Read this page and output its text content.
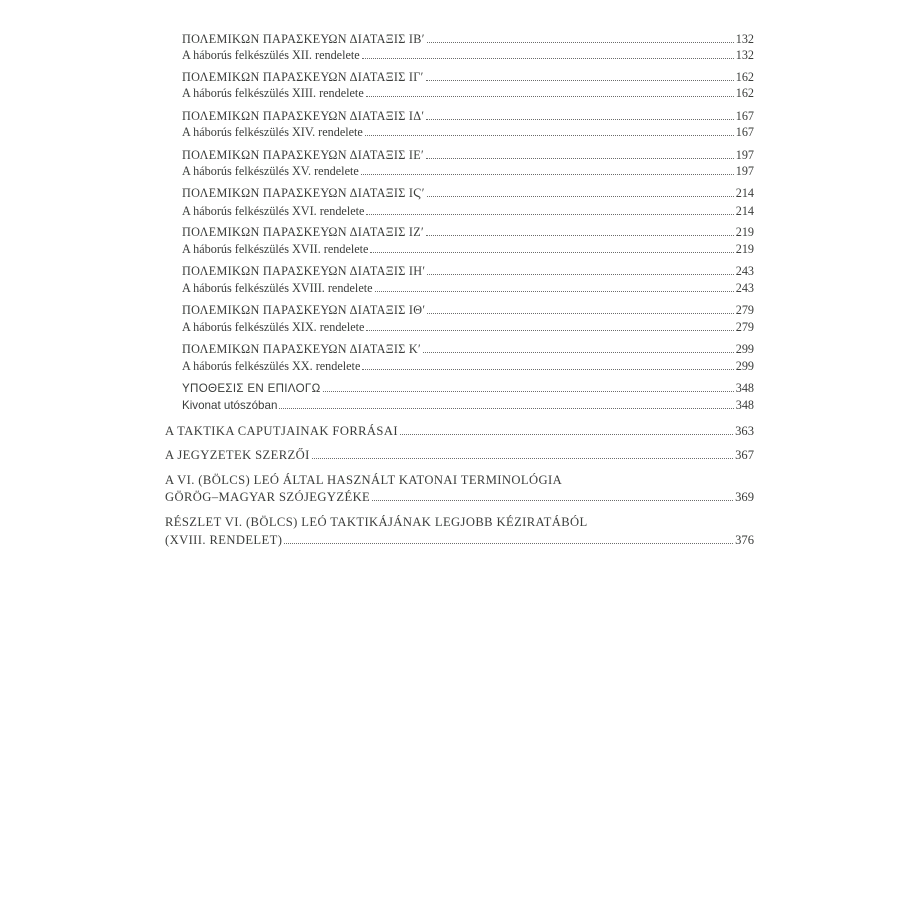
ΠΟΛΕΜΙΚΩΝ ΠΑΡΑΣΚΕΥΩΝ ΔΙΑΤΑΞΙΣ ΙΒ′	132
A háborús felkészülés XII. rendelete	132
ΠΟΛΕΜΙΚΩΝ ΠΑΡΑΣΚΕΥΩΝ ΔΙΑΤΑΞΙΣ ΙΓ′	162
A háborús felkészülés XIII. rendelete	162
ΠΟΛΕΜΙΚΩΝ ΠΑΡΑΣΚΕΥΩΝ ΔΙΑΤΑΞΙΣ ΙΔ′	167
A háborús felkészülés XIV. rendelete	167
ΠΟΛΕΜΙΚΩΝ ΠΑΡΑΣΚΕΥΩΝ ΔΙΑΤΑΞΙΣ ΙΕ′	197
A háborús felkészülés XV. rendelete	197
ΠΟΛΕΜΙΚΩΝ ΠΑΡΑΣΚΕΥΩΝ ΔΙΑΤΑΞΙΣ ΙϚ′	214
A háborús felkészülés XVI. rendelete	214
ΠΟΛΕΜΙΚΩΝ ΠΑΡΑΣΚΕΥΩΝ ΔΙΑΤΑΞΙΣ ΙΖ′	219
A háborús felkészülés XVII. rendelete	219
ΠΟΛΕΜΙΚΩΝ ΠΑΡΑΣΚΕΥΩΝ ΔΙΑΤΑΞΙΣ ΙΗ′	243
A háborús felkészülés XVIII. rendelete	243
ΠΟΛΕΜΙΚΩΝ ΠΑΡΑΣΚΕΥΩΝ ΔΙΑΤΑΞΙΣ ΙΘ′	279
A háborús felkészülés XIX. rendelete	279
ΠΟΛΕΜΙΚΩΝ ΠΑΡΑΣΚΕΥΩΝ ΔΙΑΤΑΞΙΣ Κ′	299
A háborús felkészülés XX. rendelete	299
ΥΠΟΘΕΣΙΣ ΕΝ ΕΠΙΛΟΓΩ	348
Kivonat utószóban	348
A TAKTIKA CAPUTJAINAK FORRÁSAI	363
A JEGYZETEK SZERZŐI	367
A VI. (BÖLCS) LEÓ ÁLTAL HASZNÁLT KATONAI TERMINOLÓGIA
GÖRÖG–MAGYAR SZÓJEGYZÉKE	369
RÉSZLET VI. (BÖLCS) LEÓ TAKTIKÁJÁNAK LEGJOBB KÉZIRATÁBÓL
(XVIII. RENDELET)	376
